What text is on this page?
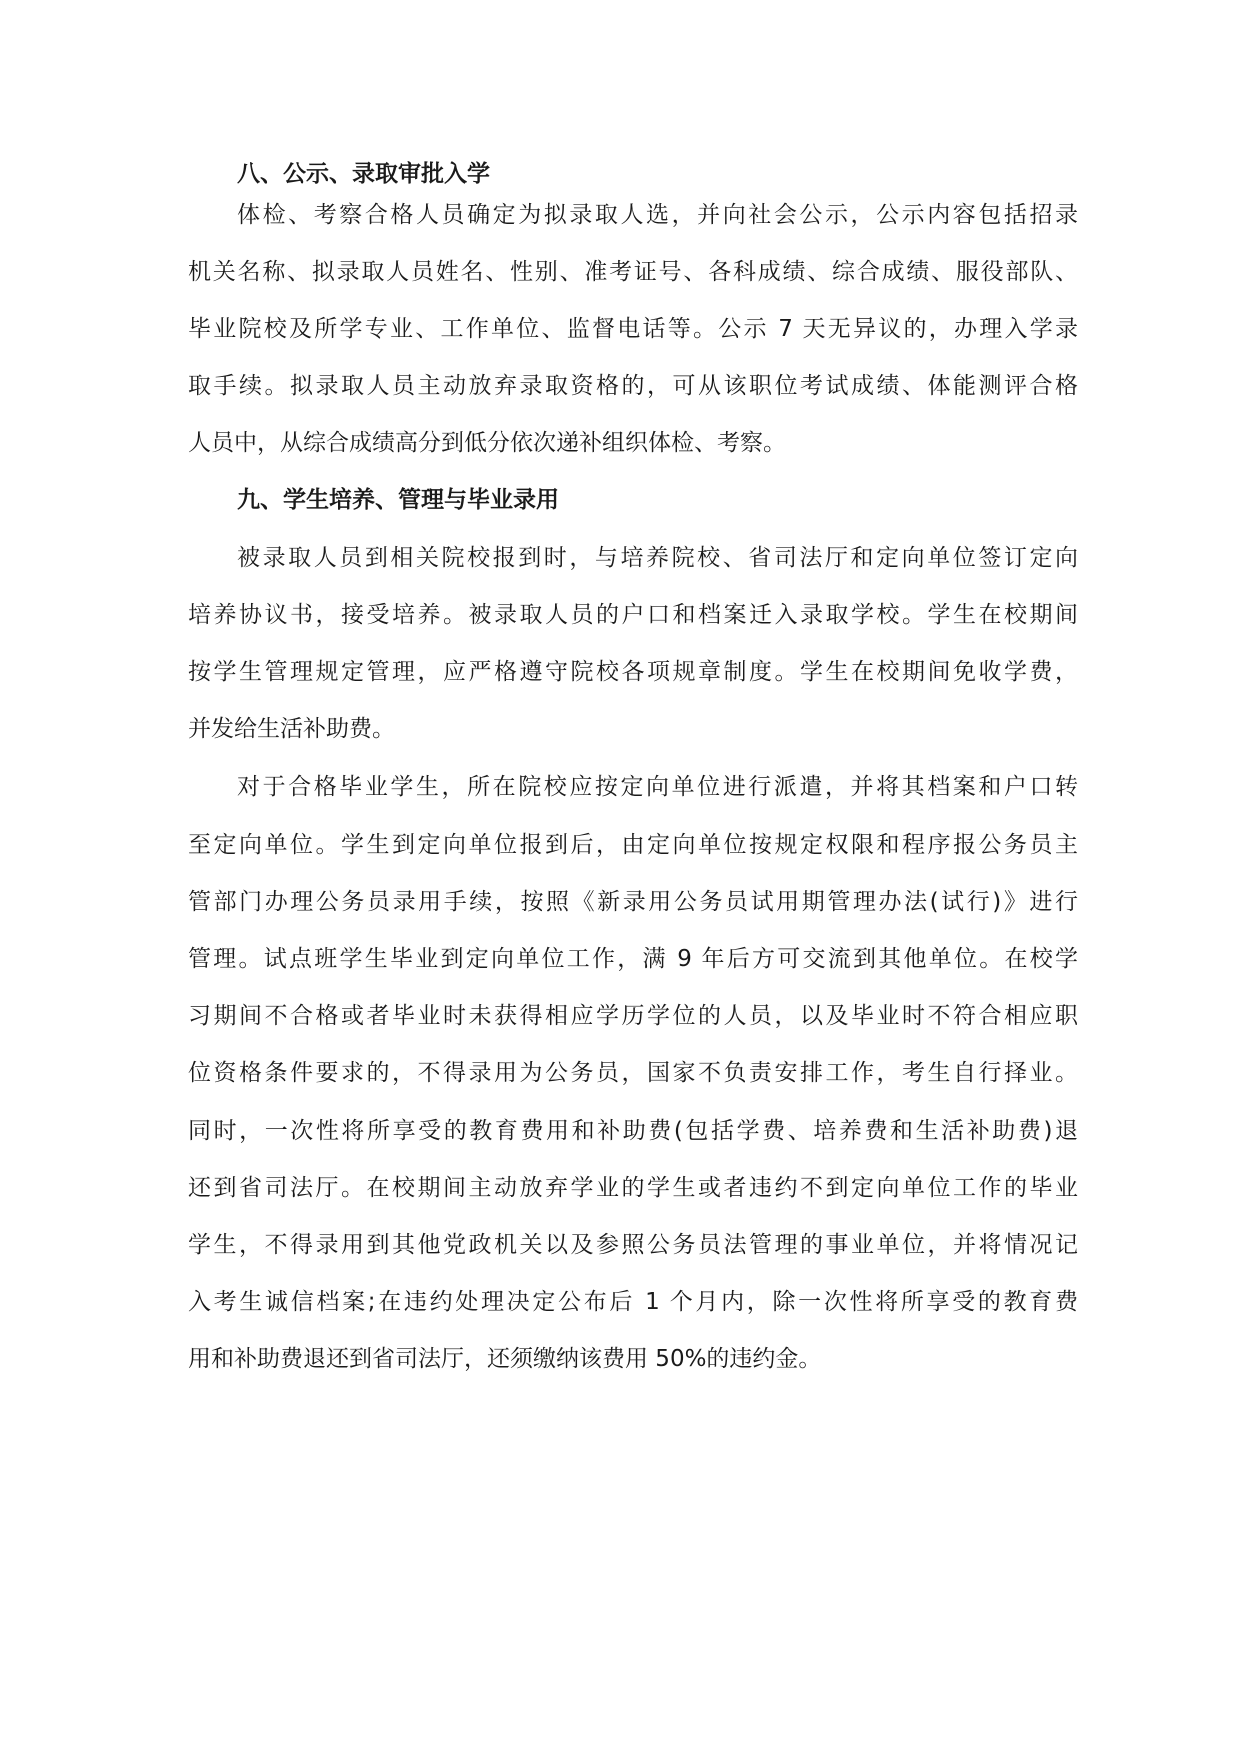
八、公示、录取审批入学
体检、考察合格人员确定为拟录取人选，并向社会公示，公示内容包括招录
机关名称、拟录取人员姓名、性别、准考证号、各科成绩、综合成绩、服役部队、
毕业院校及所学专业、工作单位、监督电话等。公示 7 天无异议的，办理入学录
取手续。拟录取人员主动放弃录取资格的，可从该职位考试成绩、体能测评合格
人员中，从综合成绩高分到低分依次递补组织体检、考察。
九、学生培养、管理与毕业录用
被录取人员到相关院校报到时，与培养院校、省司法厅和定向单位签订定向
培养协议书，接受培养。被录取人员的户口和档案迁入录取学校。学生在校期间
按学生管理规定管理，应严格遵守院校各项规章制度。学生在校期间免收学费，
并发给生活补助费。
对于合格毕业学生，所在院校应按定向单位进行派遣，并将其档案和户口转
至定向单位。学生到定向单位报到后，由定向单位按规定权限和程序报公务员主
管部门办理公务员录用手续，按照《新录用公务员试用期管理办法(试行)》进行
管理。试点班学生毕业到定向单位工作，满 9 年后方可交流到其他单位。在校学
习期间不合格或者毕业时未获得相应学历学位的人员，以及毕业时不符合相应职
位资格条件要求的，不得录用为公务员，国家不负责安排工作，考生自行择业。
同时，一次性将所享受的教育费用和补助费(包括学费、培养费和生活补助费)退
还到省司法厅。在校期间主动放弃学业的学生或者违约不到定向单位工作的毕业
学生，不得录用到其他党政机关以及参照公务员法管理的事业单位，并将情况记
入考生诚信档案;在违约处理决定公布后 1 个月内，除一次性将所享受的教育费
用和补助费退还到省司法厅，还须缴纳该费用 50%的违约金。
